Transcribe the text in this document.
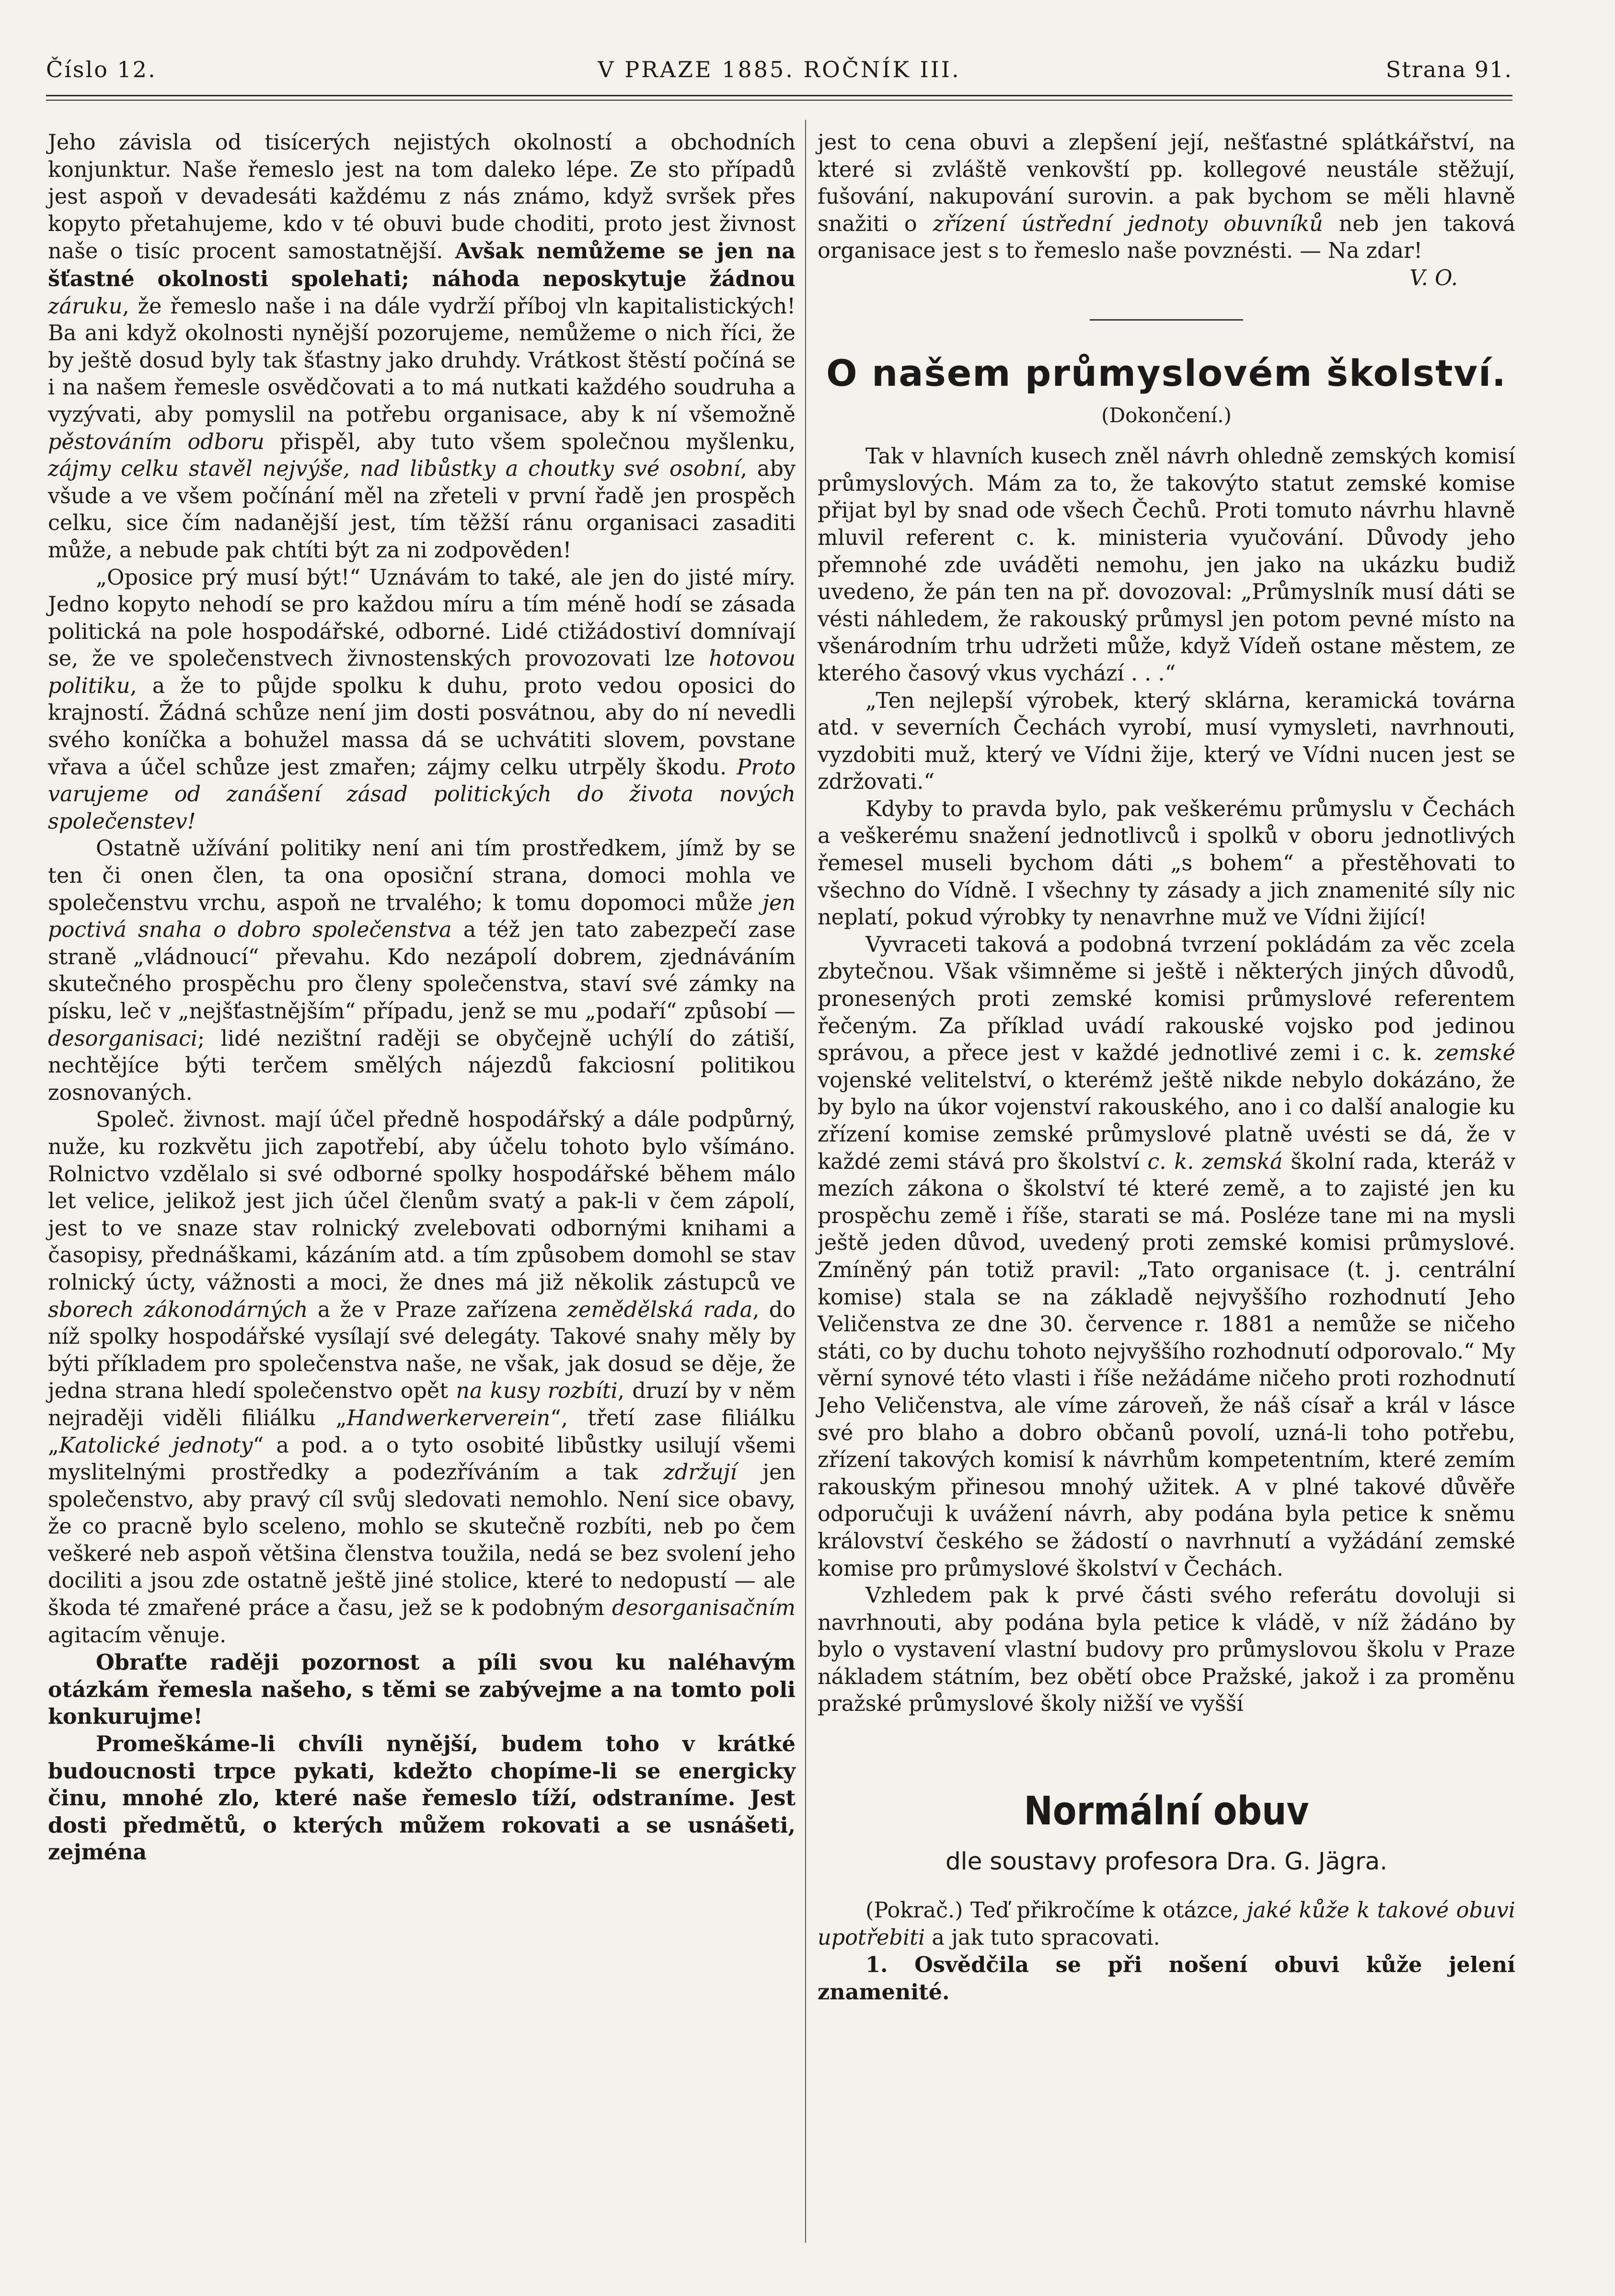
Číslo 12.	V PRAZE 1885. ROČNÍK III.	Strana 91.

Jeho závisla od tisícerých nejistých okolností a obchodních konjunktur. Naše řemeslo jest na tom daleko lépe. Ze sto případů jest aspoň v devadesáti každému z nás známo, když svršek přes kopyto přetahujeme, kdo v té obuvi bude choditi, proto jest živnost naše o tisíc procent samostatnější. Avšak nemůžeme se jen na šťastné okolnosti spolehati; náhoda neposkytuje žádnou záruku, že řemeslo naše i na dále vydrží příboj vln kapitalistických! Ba ani když okolnosti nynější pozorujeme, nemůžeme o nich říci, že by ještě dosud byly tak šťastny jako druhdy. Vrátkost štěstí počíná se i na našem řemesle osvědčovati a to má nutkati každého soudruha a vyzývati, aby pomyslil na potřebu organisace, aby k ní všemožně pěstováním odboru přispěl, aby tuto všem společnou myšlenku, zájmy celku stavěl nejvýše, nad libůstky a choutky své osobní, aby všude a ve všem počínání měl na zřeteli v první řadě jen prospěch celku, sice čím nadanější jest, tím těžší ránu organisaci zasaditi může, a nebude pak chtíti být za ni zodpověden!

„Oposice prý musí být!“ Uznávám to také, ale jen do jisté míry. Jedno kopyto nehodí se pro každou míru a tím méně hodí se zásada politická na pole hospodářské, odborné. Lidé ctižádostiví domnívají se, že ve společenstvech živnostenských provozovati lze hotovou politiku, a že to půjde spolku k duhu, proto vedou oposici do krajností. Žádná schůze není jim dosti posvátnou, aby do ní nevedli svého koníčka a bohužel massa dá se uchvátiti slovem, povstane vřava a účel schůze jest zmařen; zájmy celku utrpěly škodu. Proto varujeme od zanášení zásad politických do života nových společenstev!

Ostatně užívání politiky není ani tím prostředkem, jímž by se ten či onen člen, ta ona oposiční strana, domoci mohla ve společenstvu vrchu, aspoň ne trvalého; k tomu dopomoci může jen poctivá snaha o dobro společenstva a též jen tato zabezpečí zase straně „vládnoucí“ převahu. Kdo nezápolí dobrem, zjednáváním skutečného prospěchu pro členy společenstva, staví své zámky na písku, leč v „nejšťastnějším“ případu, jenž se mu „podaří“ způsobí — desorganisaci; lidé nezištní raději se obyčejně uchýlí do zátiší, nechtějíce býti terčem smělých nájezdů fakciosní politikou zosnovaných.

Společ. živnost. mají účel předně hospodářský a dále podpůrný, nuže, ku rozkvětu jich zapotřebí, aby účelu tohoto bylo všímáno. Rolnictvo vzdělalo si své odborné spolky hospodářské během málo let velice, jelikož jest jich účel členům svatý a pak-li v čem zápolí, jest to ve snaze stav rolnický zvelebovati odbornými knihami a časopisy, přednáškami, kázáním atd. a tím způsobem domohl se stav rolnický úcty, vážnosti a moci, že dnes má již několik zástupců ve sborech zákonodárných a že v Praze zařízena zemědělská rada, do níž spolky hospodářské vysílají své delegáty. Takové snahy měly by býti příkladem pro společenstva naše, ne však, jak dosud se děje, že jedna strana hledí společenstvo opět na kusy rozbíti, druzí by v něm nejraději viděli filiálku „Handwerkerverein“, třetí zase filiálku „Katolické jednoty“ a pod. a o tyto osobité libůstky usilují všemi myslitelnými prostředky a podezříváním a tak zdržují jen společenstvo, aby pravý cíl svůj sledovati nemohlo. Není sice obavy, že co pracně bylo sceleno, mohlo se skutečně rozbíti, neb po čem veškeré neb aspoň většina členstva toužila, nedá se bez svolení jeho dociliti a jsou zde ostatně ještě jiné stolice, které to nedopustí — ale škoda té zmařené práce a času, jež se k podobným desorganisačním agitacím věnuje.

Obraťte raději pozornost a píli svou ku naléhavým otázkám řemesla našeho, s těmi se zabývejme a na tomto poli konkurujme!

Promeškáme-li chvíli nynější, budem toho v krátké budoucnosti trpce pykati, kdežto chopíme-li se energicky činu, mnohé zlo, které naše řemeslo tíží, odstraníme. Jest dosti předmětů, o kterých můžem rokovati a se usnášeti, zejména

jest to cena obuvi a zlepšení její, nešťastné splátkářství, na které si zvláště venkovští pp. kollegové neustále stěžují, fušování, nakupování surovin. a pak bychom se měli hlavně snažiti o zřízení ústřední jednoty obuvníků neb jen taková organisace jest s to řemeslo naše povznésti. — Na zdar!

V. O.

O našem průmyslovém školství.
(Dokončení.)

Tak v hlavních kusech zněl návrh ohledně zemských komisí průmyslových. Mám za to, že takovýto statut zemské komise přijat byl by snad ode všech Čechů. Proti tomuto návrhu hlavně mluvil referent c. k. ministeria vyučování. Důvody jeho přemnohé zde uváděti nemohu, jen jako na ukázku budiž uvedeno, že pán ten na př. dovozoval: „Průmyslník musí dáti se vésti náhledem, že rakouský průmysl jen potom pevné místo na všenárodním trhu udržeti může, když Vídeň ostane městem, ze kterého časový vkus vychází . . .“

„Ten nejlepší výrobek, který sklárna, keramická továrna atd. v severních Čechách vyrobí, musí vymysleti, navrhnouti, vyzdobiti muž, který ve Vídni žije, který ve Vídni nucen jest se zdržovati.“

Kdyby to pravda bylo, pak veškerému průmyslu v Čechách a veškerému snažení jednotlivců i spolků v oboru jednotlivých řemesel museli bychom dáti „s bohem“ a přestěhovati to všechno do Vídně. I všechny ty zásady a jich znamenité síly nic neplatí, pokud výrobky ty nenavrhne muž ve Vídni žijící!

Vyvraceti taková a podobná tvrzení pokládám za věc zcela zbytečnou. Však všimněme si ještě i některých jiných důvodů, pronesených proti zemské komisi průmyslové referentem řečeným. Za příklad uvádí rakouské vojsko pod jedinou správou, a přece jest v každé jednotlivé zemi i c. k. zemské vojenské velitelství, o kterémž ještě nikde nebylo dokázáno, že by bylo na úkor vojenství rakouského, ano i co další analogie ku zřízení komise zemské průmyslové platně uvésti se dá, že v každé zemi stává pro školství c. k. zemská školní rada, kteráž v mezích zákona o školství té které země, a to zajisté jen ku prospěchu země i říše, starati se má. Posléze tane mi na mysli ještě jeden důvod, uvedený proti zemské komisi průmyslové. Zmíněný pán totiž pravil: „Tato organisace (t. j. centrální komise) stala se na základě nejvyššího rozhodnutí Jeho Veličenstva ze dne 30. července r. 1881 a nemůže se ničeho státi, co by duchu tohoto nejvyššího rozhodnutí odporovalo.“ My věrní synové této vlasti i říše nežádáme ničeho proti rozhodnutí Jeho Veličenstva, ale víme zároveň, že náš císař a král v lásce své pro blaho a dobro občanů povolí, uzná-li toho potřebu, zřízení takových komisí k návrhům kompetentním, které zemím rakouským přinesou mnohý užitek. A v plné takové důvěře odporučuji k uvážení návrh, aby podána byla petice k sněmu království českého se žádostí o navrhnutí a vyžádání zemské komise pro průmyslové školství v Čechách.

Vzhledem pak k prvé části svého referátu dovoluji si navrhnouti, aby podána byla petice k vládě, v níž žádáno by bylo o vystavení vlastní budovy pro průmyslovou školu v Praze nákladem státním, bez obětí obce Pražské, jakož i za proměnu pražské průmyslové školy nižší ve vyšší

Normální obuv
dle soustavy profesora Dra. G. Jägra.

(Pokrač.) Teď přikročíme k otázce, jaké kůže k takové obuvi upotřebiti a jak tuto spracovati.

1. Osvědčila se při nošení obuvi kůže jelení znamenité.
